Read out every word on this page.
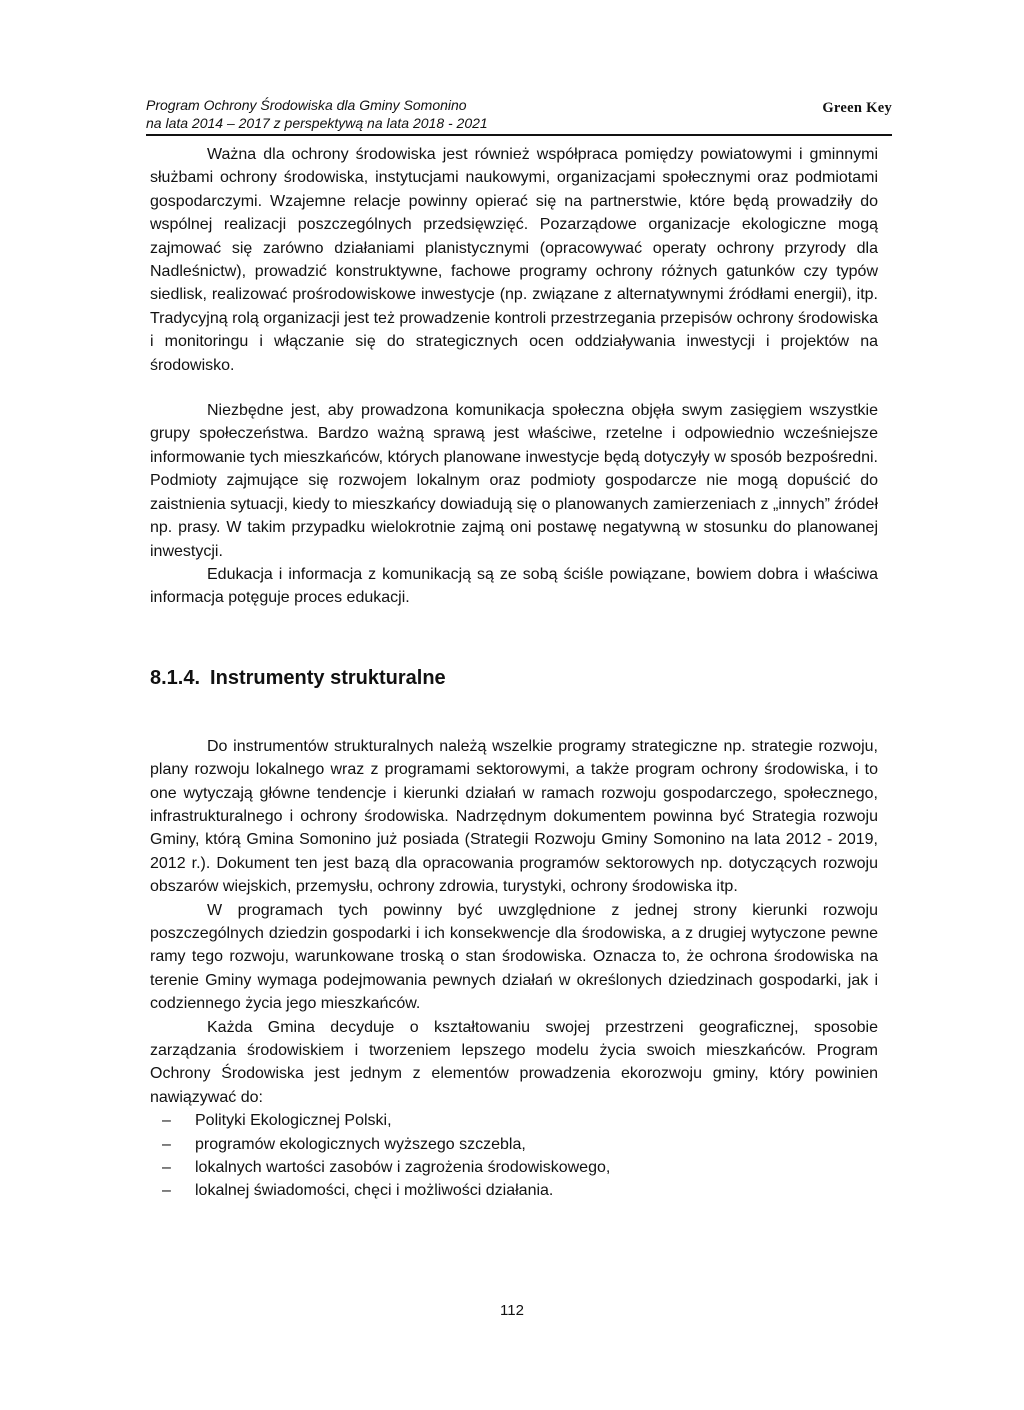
Program Ochrony Środowiska dla Gminy Somonino
na lata 2014 – 2017 z perspektywą na lata 2018 - 2021
Green Key

Ważna dla ochrony środowiska jest również współpraca pomiędzy powiatowymi i gminnymi służbami ochrony środowiska, instytucjami naukowymi, organizacjami społecznymi oraz podmiotami gospodarczymi. Wzajemne relacje powinny opierać się na partnerstwie, które będą prowadziły do wspólnej realizacji poszczególnych przedsięwzięć. Pozarządowe organizacje ekologiczne mogą zajmować się zarówno działaniami planistycznymi (opracowywać operaty ochrony przyrody dla Nadleśnictw), prowadzić konstruktywne, fachowe programy ochrony różnych gatunków czy typów siedlisk, realizować prośrodowiskowe inwestycje (np. związane z alternatywnymi źródłami energii), itp. Tradycyjną rolą organizacji jest też prowadzenie kontroli przestrzegania przepisów ochrony środowiska i monitoringu i włączanie się do strategicznych ocen oddziaływania inwestycji i projektów na środowisko.

Niezbędne jest, aby prowadzona komunikacja społeczna objęła swym zasięgiem wszystkie grupy społeczeństwa. Bardzo ważną sprawą jest właściwe, rzetelne i odpowiednio wcześniejsze informowanie tych mieszkańców, których planowane inwestycje będą dotyczyły w sposób bezpośredni. Podmioty zajmujące się rozwojem lokalnym oraz podmioty gospodarcze nie mogą dopuścić do zaistnienia sytuacji, kiedy to mieszkańcy dowiadują się o planowanych zamierzeniach z „innych” źródeł np. prasy. W takim przypadku wielokrotnie zajmą oni postawę negatywną w stosunku do planowanej inwestycji.

Edukacja i informacja z komunikacją są ze sobą ściśle powiązane, bowiem dobra i właściwa informacja potęguje proces edukacji.

8.1.4. Instrumenty strukturalne

Do instrumentów strukturalnych należą wszelkie programy strategiczne np. strategie rozwoju, plany rozwoju lokalnego wraz z programami sektorowymi, a także program ochrony środowiska, i to one wytyczają główne tendencje i kierunki działań w ramach rozwoju gospodarczego, społecznego, infrastrukturalnego i ochrony środowiska. Nadrzędnym dokumentem powinna być Strategia rozwoju Gminy, którą Gmina Somonino już posiada (Strategii Rozwoju Gminy Somonino na lata 2012 - 2019, 2012 r.). Dokument ten jest bazą dla opracowania programów sektorowych np. dotyczących rozwoju obszarów wiejskich, przemysłu, ochrony zdrowia, turystyki, ochrony środowiska itp.

W programach tych powinny być uwzględnione z jednej strony kierunki rozwoju poszczególnych dziedzin gospodarki i ich konsekwencje dla środowiska, a z drugiej wytyczone pewne ramy tego rozwoju, warunkowane troską o stan środowiska. Oznacza to, że ochrona środowiska na terenie Gminy wymaga podejmowania pewnych działań w określonych dziedzinach gospodarki, jak i codziennego życia jego mieszkańców.

Każda Gmina decyduje o kształtowaniu swojej przestrzeni geograficznej, sposobie zarządzania środowiskiem i tworzeniem lepszego modelu życia swoich mieszkańców. Program Ochrony Środowiska jest jednym z elementów prowadzenia ekorozwoju gminy, który powinien nawiązywać do:

– Polityki Ekologicznej Polski,
– programów ekologicznych wyższego szczebla,
– lokalnych wartości zasobów i zagrożenia środowiskowego,
– lokalnej świadomości, chęci i możliwości działania.
112
